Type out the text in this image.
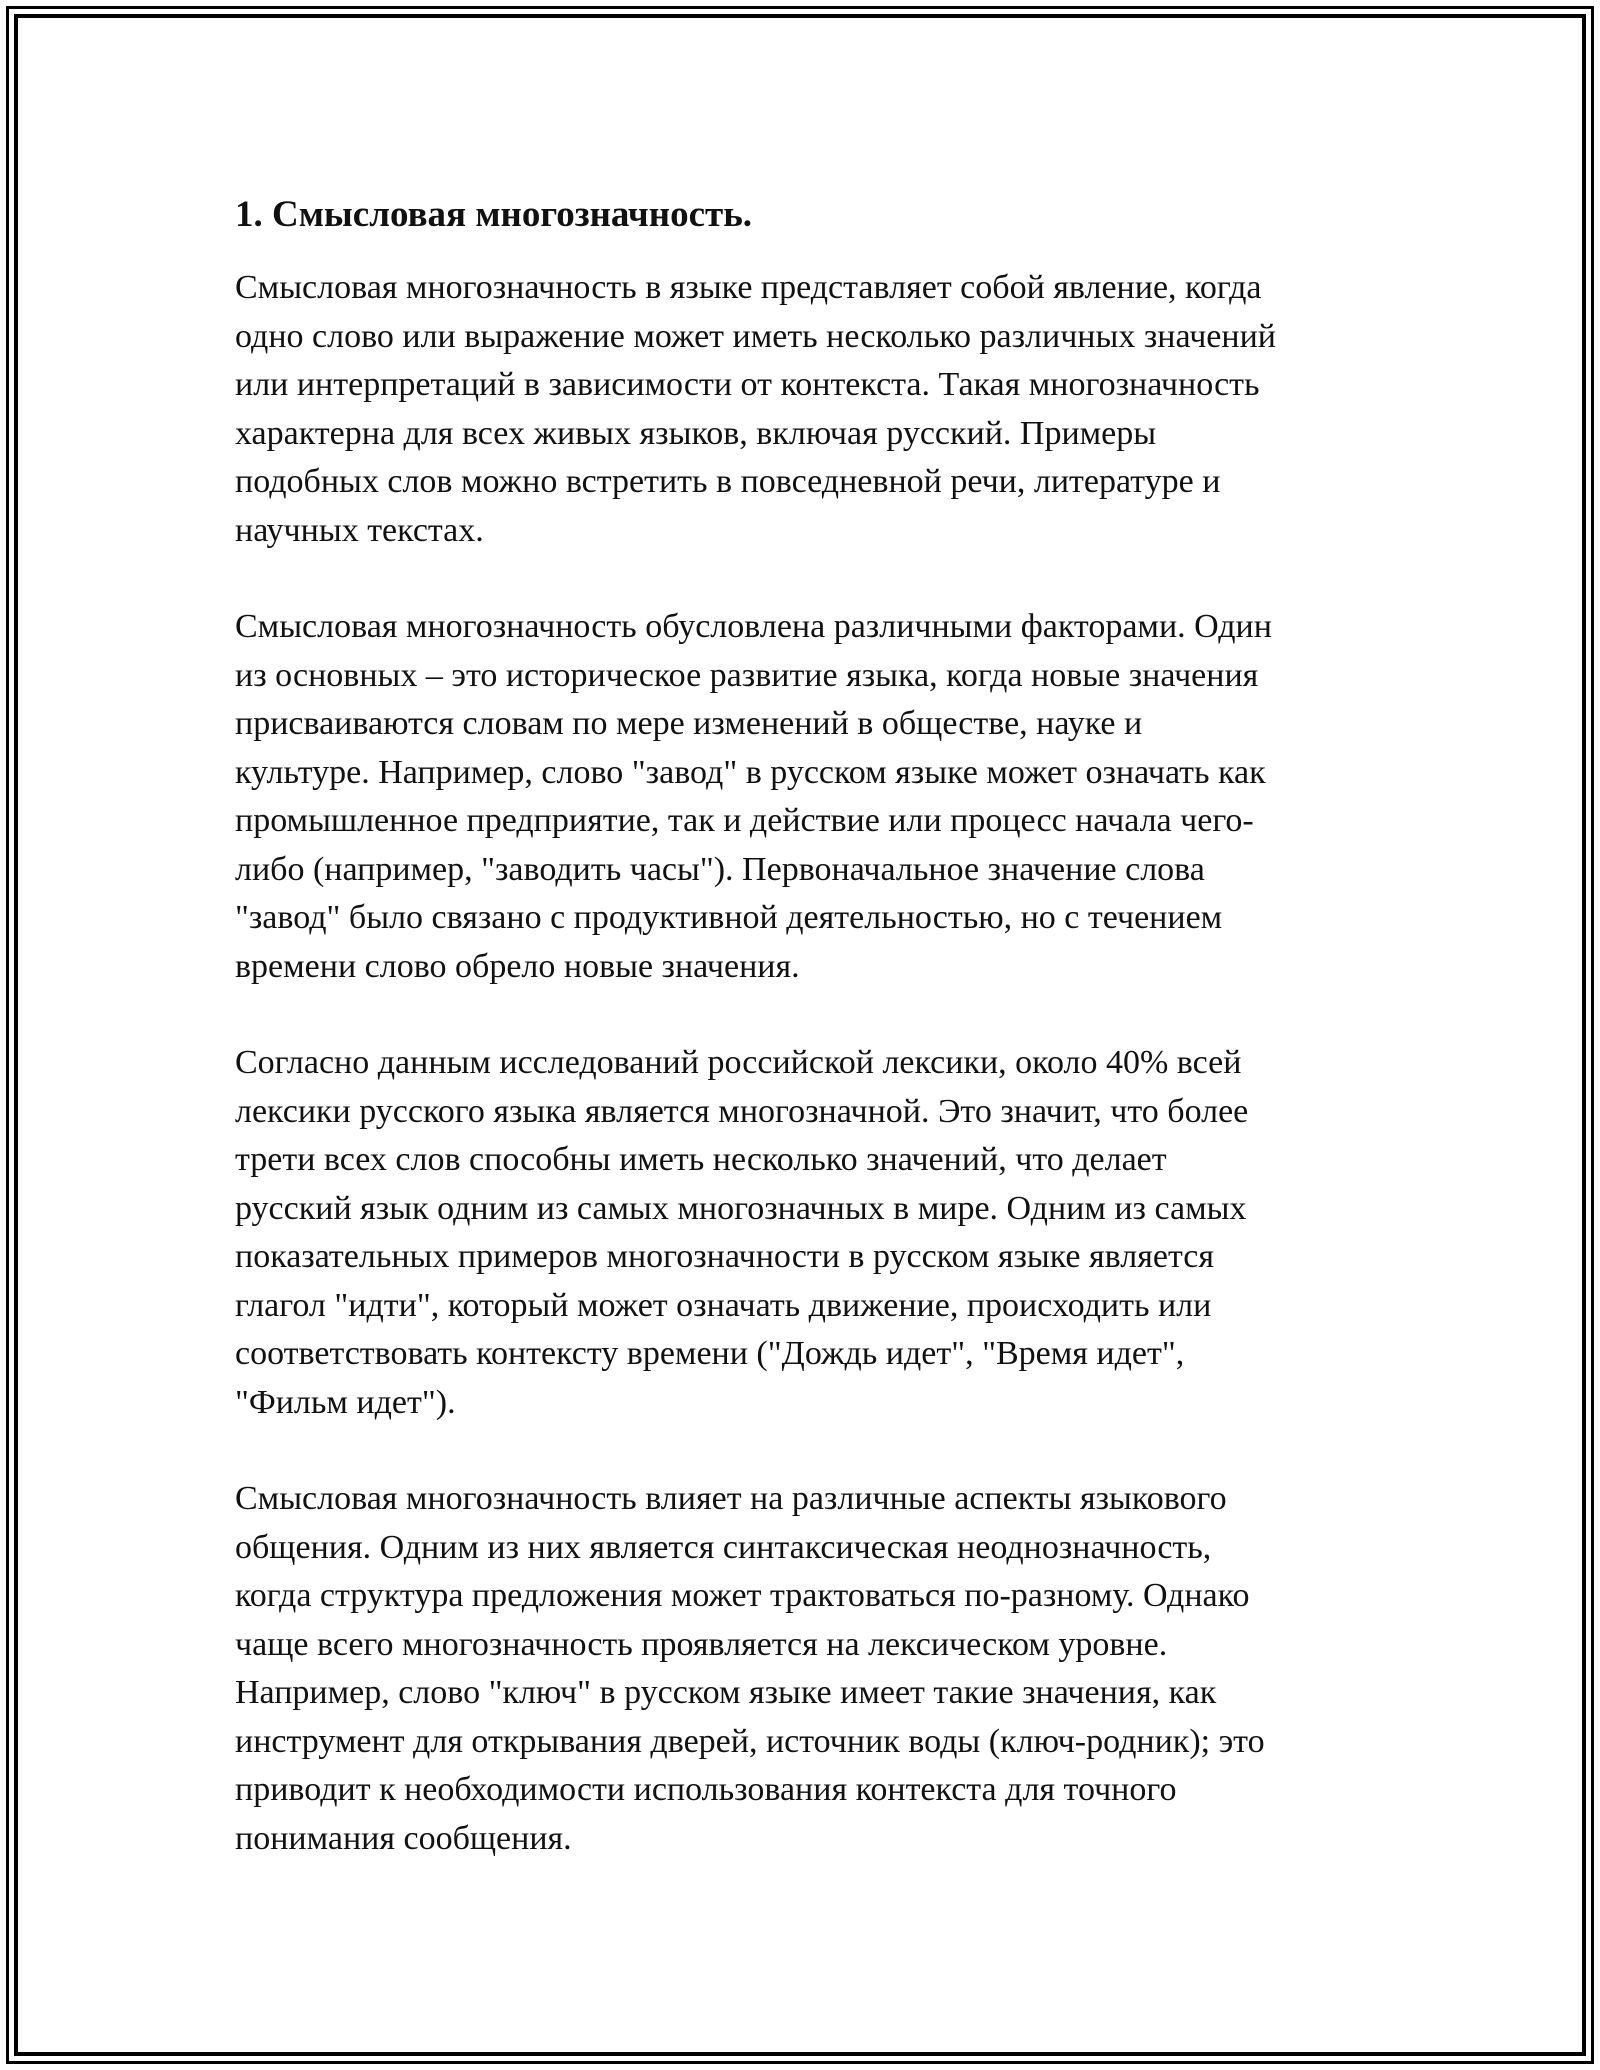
1. Смысловая многозначность.

Смысловая многозначность в языке представляет собой явление, когда
одно слово или выражение может иметь несколько различных значений
или интерпретаций в зависимости от контекста. Такая многозначность
характерна для всех живых языков, включая русский. Примеры
подобных слов можно встретить в повседневной речи, литературе и
научных текстах.

Смысловая многозначность обусловлена различными факторами. Один
из основных – это историческое развитие языка, когда новые значения
присваиваются словам по мере изменений в обществе, науке и
культуре. Например, слово "завод" в русском языке может означать как
промышленное предприятие, так и действие или процесс начала чего-
либо (например, "заводить часы"). Первоначальное значение слова
"завод" было связано с продуктивной деятельностью, но с течением
времени слово обрело новые значения.

Согласно данным исследований российской лексики, около 40% всей
лексики русского языка является многозначной. Это значит, что более
трети всех слов способны иметь несколько значений, что делает
русский язык одним из самых многозначных в мире. Одним из самых
показательных примеров многозначности в русском языке является
глагол "идти", который может означать движение, происходить или
соответствовать контексту времени ("Дождь идет", "Время идет",
"Фильм идет").

Смысловая многозначность влияет на различные аспекты языкового
общения. Одним из них является синтаксическая неоднозначность,
когда структура предложения может трактоваться по-разному. Однако
чаще всего многозначность проявляется на лексическом уровне.
Например, слово "ключ" в русском языке имеет такие значения, как
инструмент для открывания дверей, источник воды (ключ-родник); это
приводит к необходимости использования контекста для точного
понимания сообщения.
